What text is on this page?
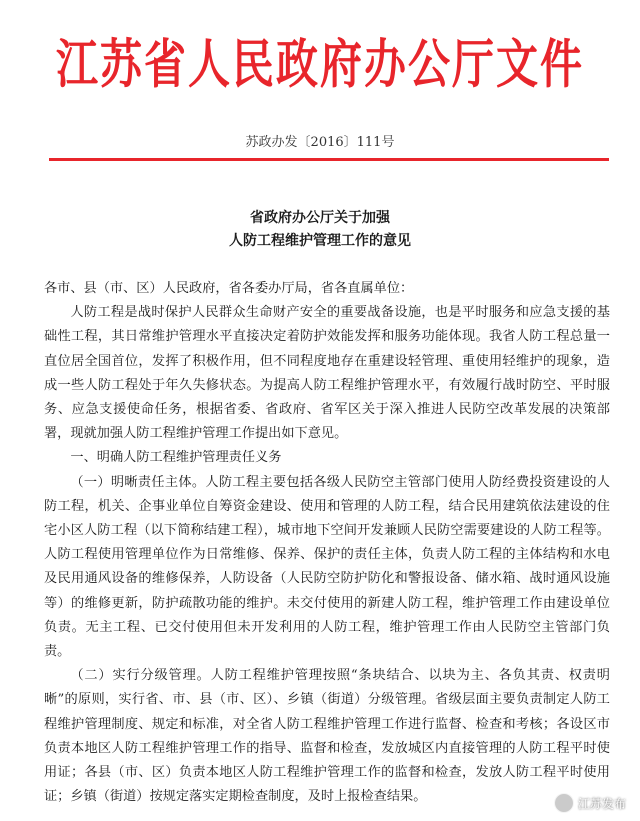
江苏省人民政府办公厅文件
苏政办发〔2016〕111号
省政府办公厅关于加强
人防工程维护管理工作的意见

各市、县（市、区）人民政府，省各委办厅局，省各直属单位：

人防工程是战时保护人民群众生命财产安全的重要战备设施，也是平时服务和应急支援的基础性工程，其日常维护管理水平直接决定着防护效能发挥和服务功能体现。我省人防工程总量一直位居全国首位，发挥了积极作用，但不同程度地存在重建设轻管理、重使用轻维护的现象，造成一些人防工程处于年久失修状态。为提高人防工程维护管理水平，有效履行战时防空、平时服务、应急支援使命任务，根据省委、省政府、省军区关于深入推进人民防空改革发展的决策部署，现就加强人防工程维护管理工作提出如下意见。

一、明确人防工程维护管理责任义务

（一）明晰责任主体。人防工程主要包括各级人民防空主管部门使用人防经费投资建设的人防工程，机关、企事业单位自筹资金建设、使用和管理的人防工程，结合民用建筑依法建设的住宅小区人防工程（以下简称结建工程），城市地下空间开发兼顾人民防空需要建设的人防工程等。人防工程使用管理单位作为日常维修、保养、保护的责任主体，负责人防工程的主体结构和水电及民用通风设备的维修保养，人防设备（人民防空防护防化和警报设备、储水箱、战时通风设施等）的维修更新，防护疏散功能的维护。未交付使用的新建人防工程，维护管理工作由建设单位负责。无主工程、已交付使用但未开发利用的人防工程，维护管理工作由人民防空主管部门负责。

（二）实行分级管理。人防工程维护管理按照“条块结合、以块为主、各负其责、权责明晰”的原则，实行省、市、县（市、区）、乡镇（街道）分级管理。省级层面主要负责制定人防工程维护管理制度、规定和标准，对全省人防工程维护管理工作进行监督、检查和考核；各设区市负责本地区人防工程维护管理工作的指导、监督和检查，发放城区内直接管理的人防工程平时使用证；各县（市、区）负责本地区人防工程维护管理工作的监督和检查，发放人防工程平时使用证；乡镇（街道）按规定落实定期检查制度，及时上报检查结果。	江苏发布
